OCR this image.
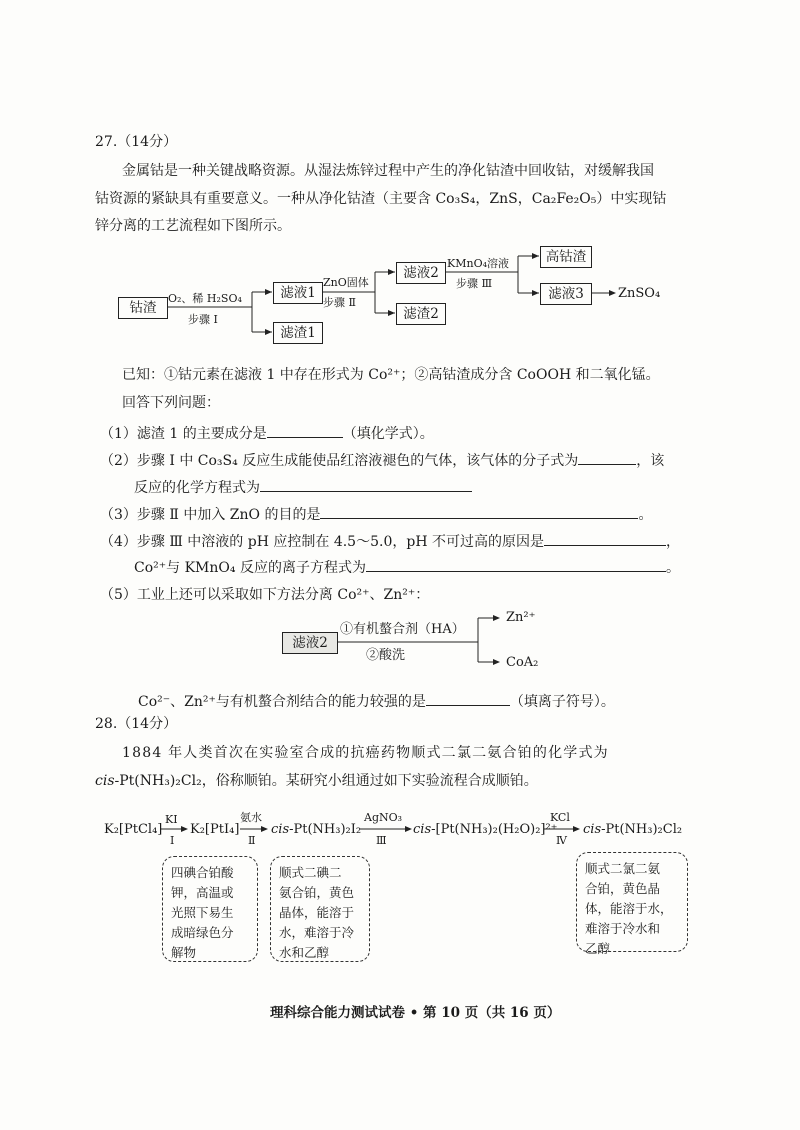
27.（14分）
金属钴是一种关键战略资源。从湿法炼锌过程中产生的净化钴渣中回收钴，对缓解我国
钴资源的紧缺具有重要意义。一种从净化钴渣（主要含 Co₃S₄，ZnS，Ca₂Fe₂O₅）中实现钴
锌分离的工艺流程如下图所示。
钴渣
O₂、稀 H₂SO₄
步骤 Ⅰ
滤液1
滤渣1
ZnO固体
步骤 Ⅱ
滤液2
滤渣2
KMnO₄溶液
步骤 Ⅲ
高钴渣
滤液3	ZnSO₄
已知：①钴元素在滤液 1 中存在形式为 Co²⁺；②高钴渣成分含 CoOOH 和二氧化锰。
回答下列问题：
（1）滤渣 1 的主要成分是	（填化学式）。
（2）步骤 Ⅰ 中 Co₃S₄ 反应生成能使品红溶液褪色的气体，该气体的分子式为	，该
反应的化学方程式为
（3）步骤 Ⅱ 中加入 ZnO 的目的是	。
（4）步骤 Ⅲ 中溶液的 pH 应控制在 4.5～5.0，pH 不可过高的原因是	，
Co²⁺与 KMnO₄ 反应的离子方程式为	。
（5）工业上还可以采取如下方法分离 Co²⁺、Zn²⁺：
滤液2
①有机螯合剂（HA）
②酸洗
Zn²⁺
CoA₂
Co²⁻、Zn²⁺与有机螯合剂结合的能力较强的是	（填离子符号）。
28.（14分）
1884 年人类首次在实验室合成的抗癌药物顺式二氯二氨合铂的化学式为
cis-Pt(NH₃)₂Cl₂，俗称顺铂。某研究小组通过如下实验流程合成顺铂。
K₂[PtCl₄]
KI
Ⅰ
K₂[PtI₄]
氨水
Ⅱ
cis-Pt(NH₃)₂I₂
AgNO₃
Ⅲ
cis-[Pt(NH₃)₂(H₂O)₂]²⁺
KCl
Ⅳ
cis-Pt(NH₃)₂Cl₂
四碘合铂酸
钾，高温或
光照下易生
成暗绿色分
解物
顺式二碘二
氨合铂，黄色
晶体，能溶于
水，难溶于冷
水和乙醇
顺式二氯二氨
合铂，黄色晶
体，能溶于水，
难溶于冷水和
乙醇
理科综合能力测试试卷 • 第 10 页（共 16 页）
